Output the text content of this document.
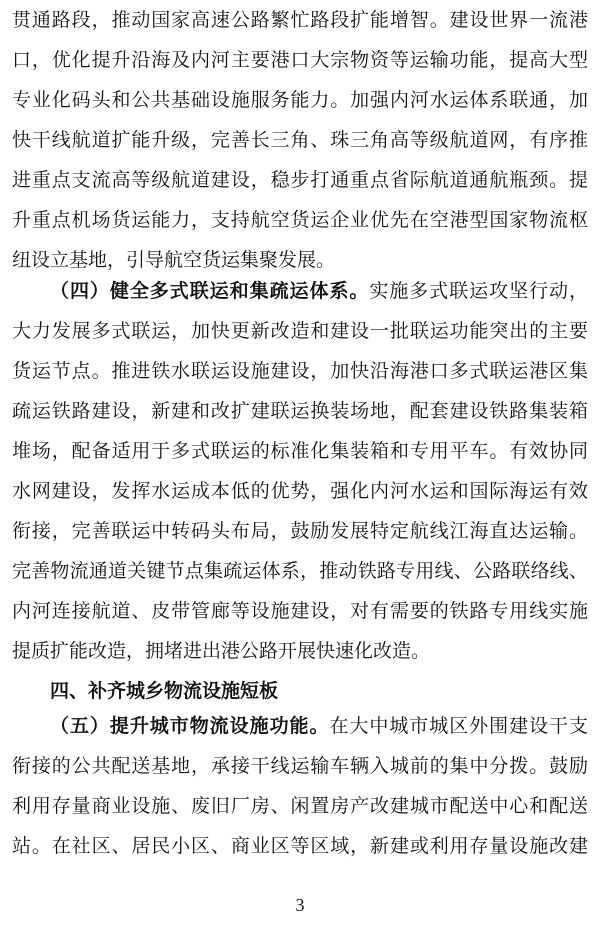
贯通路段，推动国家高速公路繁忙路段扩能增智。建设世界一流港
口，优化提升沿海及内河主要港口大宗物资等运输功能，提高大型
专业化码头和公共基础设施服务能力。加强内河水运体系联通，加
快干线航道扩能升级，完善长三角、珠三角高等级航道网，有序推
进重点支流高等级航道建设，稳步打通重点省际航道通航瓶颈。提
升重点机场货运能力，支持航空货运企业优先在空港型国家物流枢
纽设立基地，引导航空货运集聚发展。
（四）健全多式联运和集疏运体系。实施多式联运攻坚行动，
大力发展多式联运，加快更新改造和建设一批联运功能突出的主要
货运节点。推进铁水联运设施建设，加快沿海港口多式联运港区集
疏运铁路建设，新建和改扩建联运换装场地，配套建设铁路集装箱
堆场，配备适用于多式联运的标准化集装箱和专用平车。有效协同
水网建设，发挥水运成本低的优势，强化内河水运和国际海运有效
衔接，完善联运中转码头布局，鼓励发展特定航线江海直达运输。
完善物流通道关键节点集疏运体系，推动铁路专用线、公路联络线、
内河连接航道、皮带管廊等设施建设，对有需要的铁路专用线实施
提质扩能改造，拥堵进出港公路开展快速化改造。
四、补齐城乡物流设施短板
（五）提升城市物流设施功能。在大中城市城区外围建设干支
衔接的公共配送基地，承接干线运输车辆入城前的集中分拨。鼓励
利用存量商业设施、废旧厂房、闲置房产改建城市配送中心和配送
站。在社区、居民小区、商业区等区域，新建或利用存量设施改建
3
